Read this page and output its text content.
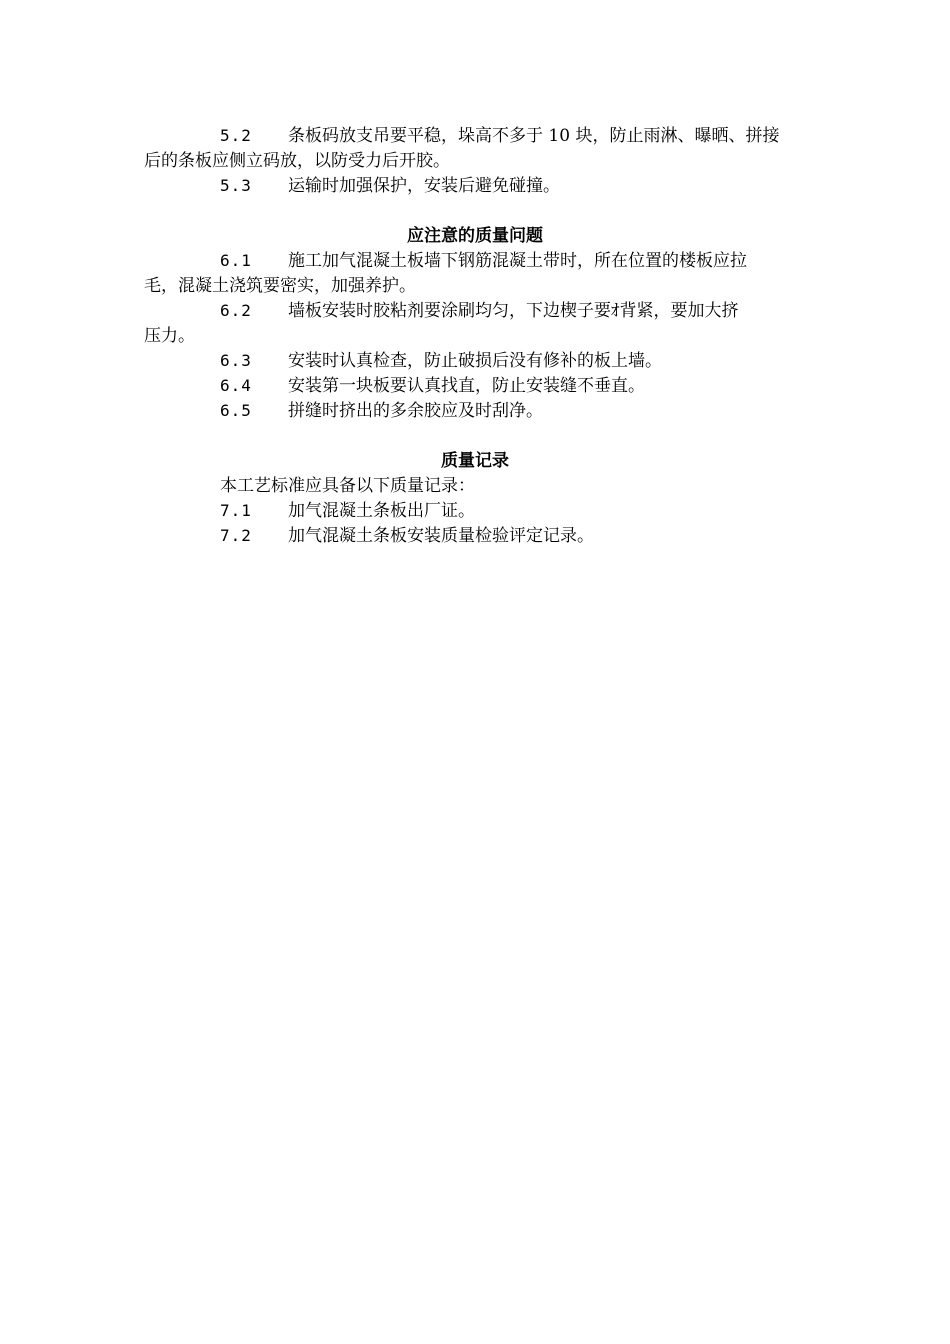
5.2 条板码放支吊要平稳，垛高不多于 10 块，防止雨淋、曝晒、拼接
后的条板应侧立码放，以防受力后开胶。
5.3 运输时加强保护，安装后避免碰撞。
应注意的质量问题
6.1 施工加气混凝土板墙下钢筋混凝土带时，所在位置的楼板应拉
毛，混凝土浇筑要密实，加强养护。
6.2 墙板安装时胶粘剂要涂刷均匀，下边楔子要ｵ背紧，要加大挤
压力。
6.3 安装时认真检查，防止破损后没有修补的板上墙。
6.4 安装第一块板要认真找直，防止安装缝不垂直。
6.5 拼缝时挤出的多余胶应及时刮净。
质量记录
本工艺标准应具备以下质量记录：
7.1 加气混凝土条板出厂证。
7.2 加气混凝土条板安装质量检验评定记录。
